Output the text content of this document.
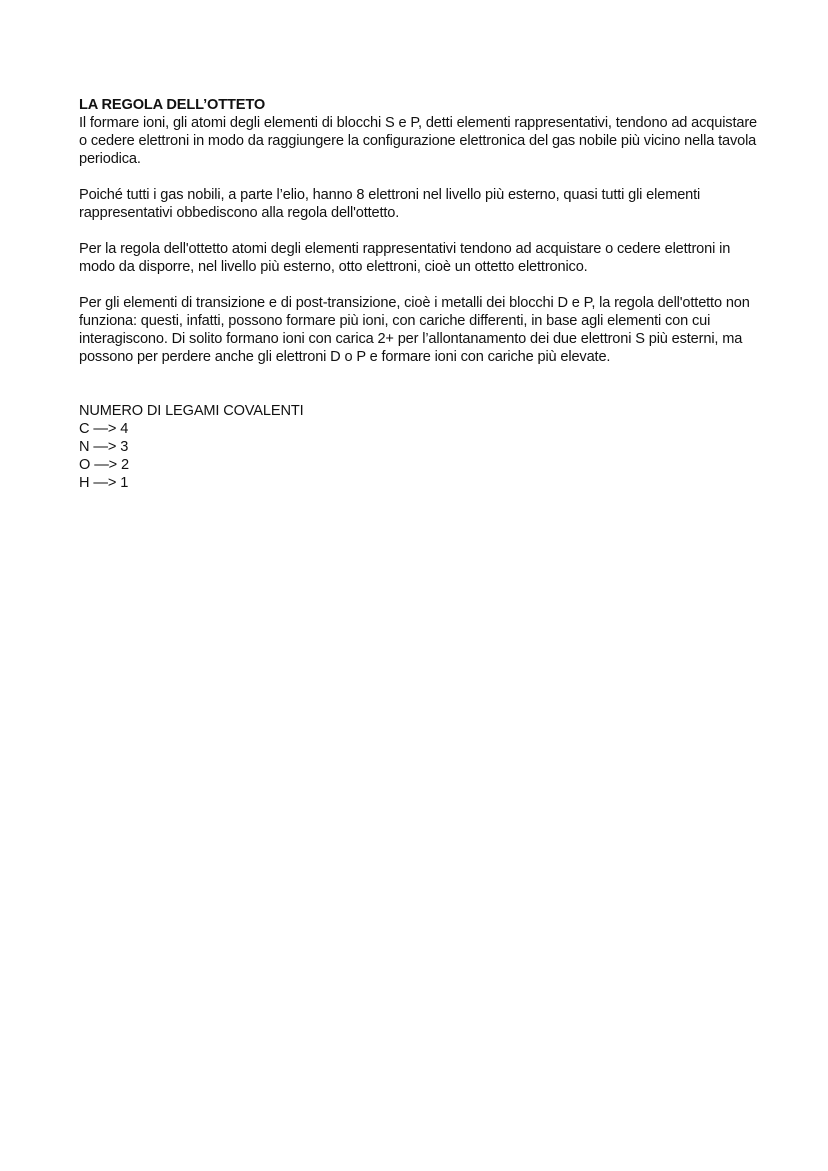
LA REGOLA DELL’OTTETO

Il formare ioni, gli atomi degli elementi di blocchi S e P, detti elementi rappresentativi, tendono ad acquistare o cedere elettroni in modo da raggiungere la configurazione elettronica del gas nobile più vicino nella tavola periodica.

Poiché tutti i gas nobili, a parte l’elio, hanno 8 elettroni nel livello più esterno, quasi tutti gli elementi rappresentativi obbediscono alla regola dell'ottetto.

Per la regola dell'ottetto atomi degli elementi rappresentativi tendono ad acquistare o cedere elettroni in modo da disporre, nel livello più esterno, otto elettroni, cioè un ottetto elettronico.

Per gli elementi di transizione e di post-transizione, cioè i metalli dei blocchi D e P, la regola dell'ottetto non funziona: questi, infatti, possono formare più ioni, con cariche differenti, in base agli elementi con cui interagiscono. Di solito formano ioni con carica 2+ per l’allontanamento dei due elettroni S più esterni, ma possono per perdere anche gli elettroni D o P e formare ioni con cariche più elevate.

NUMERO DI LEGAMI COVALENTI
C —> 4
N —> 3
O —> 2
H —> 1
